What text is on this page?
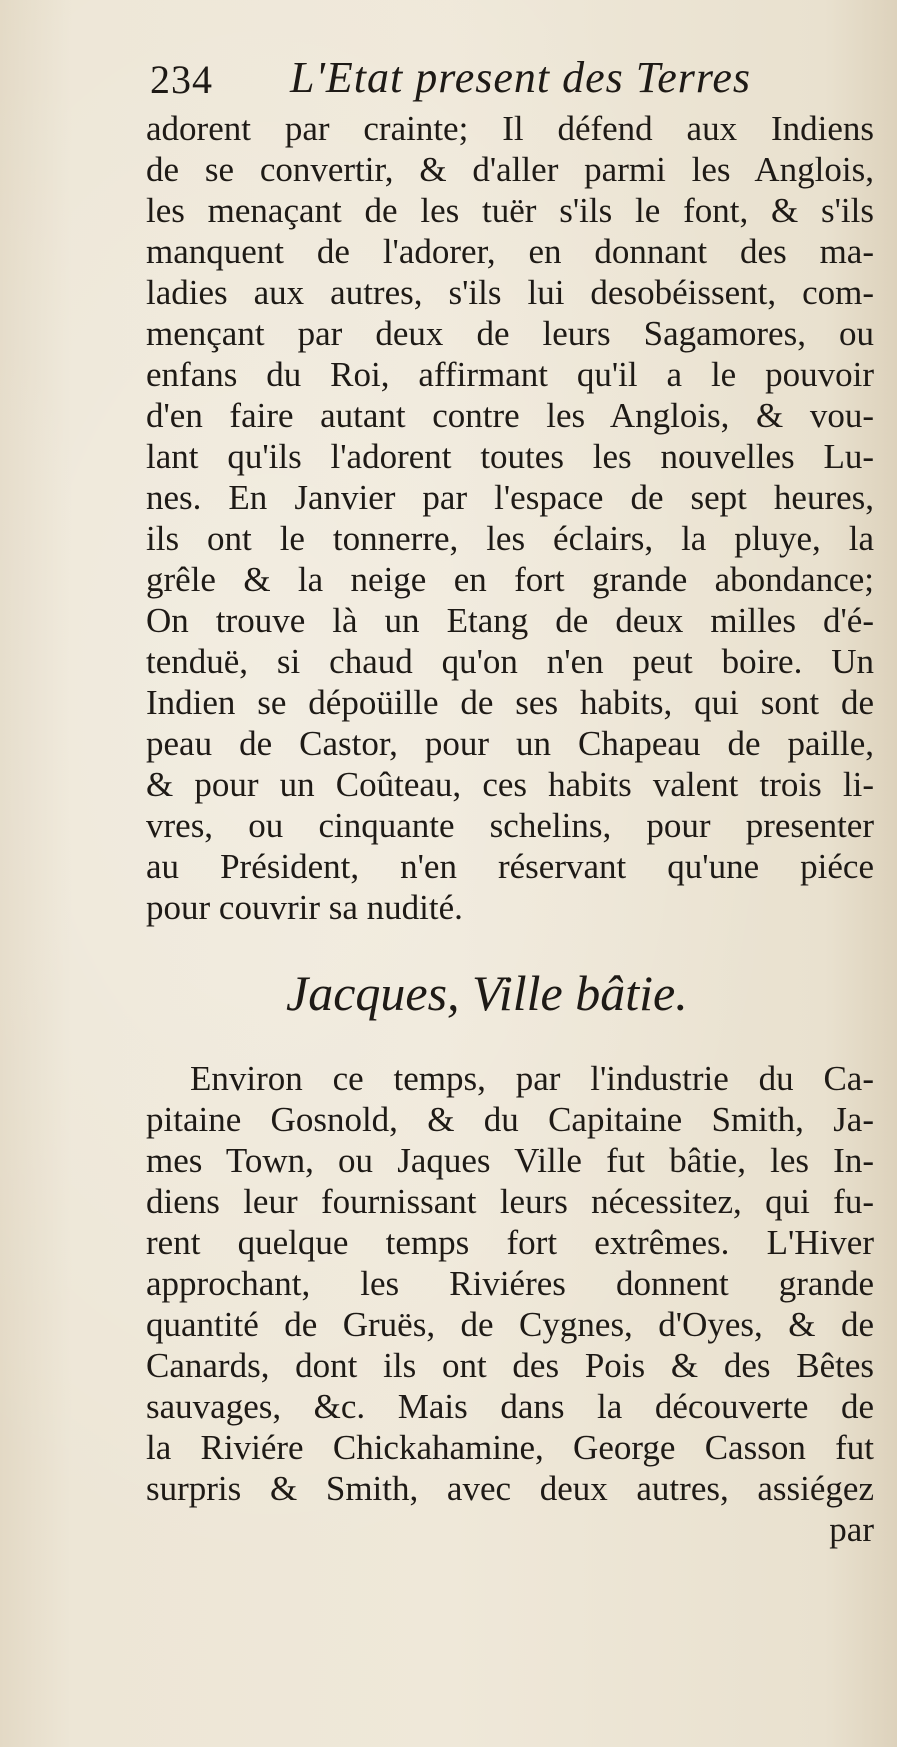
234 L'Etat present des Terres
adorent par crainte; Il défend aux Indiens
de se convertir, & d'aller parmi les Anglois,
les menaçant de les tuër s'ils le font, & s'ils
manquent de l'adorer, en donnant des ma-
ladies aux autres, s'ils lui desobéissent, com-
mençant par deux de leurs Sagamores, ou
enfans du Roi, affirmant qu'il a le pouvoir
d'en faire autant contre les Anglois, & vou-
lant qu'ils l'adorent toutes les nouvelles Lu-
nes. En Janvier par l'espace de sept heures,
ils ont le tonnerre, les éclairs, la pluye, la
grêle & la neige en fort grande abondance;
On trouve là un Etang de deux milles d'é-
tenduë, si chaud qu'on n'en peut boire. Un
Indien se dépoüille de ses habits, qui sont de
peau de Castor, pour un Chapeau de paille,
& pour un Coûteau, ces habits valent trois li-
vres, ou cinquante schelins, pour presenter
au Président, n'en réservant qu'une piéce
pour couvrir sa nudité.
Jacques, Ville bâtie.
Environ ce temps, par l'industrie du Ca-
pitaine Gosnold, & du Capitaine Smith, Ja-
mes Town, ou Jaques Ville fut bâtie, les In-
diens leur fournissant leurs nécessitez, qui fu-
rent quelque temps fort extrêmes. L'Hiver
approchant, les Riviéres donnent grande
quantité de Gruës, de Cygnes, d'Oyes, & de
Canards, dont ils ont des Pois & des Bêtes
sauvages, &c. Mais dans la découverte de
la Riviére Chickahamine, George Casson fut
surpris & Smith, avec deux autres, assiégez
par
